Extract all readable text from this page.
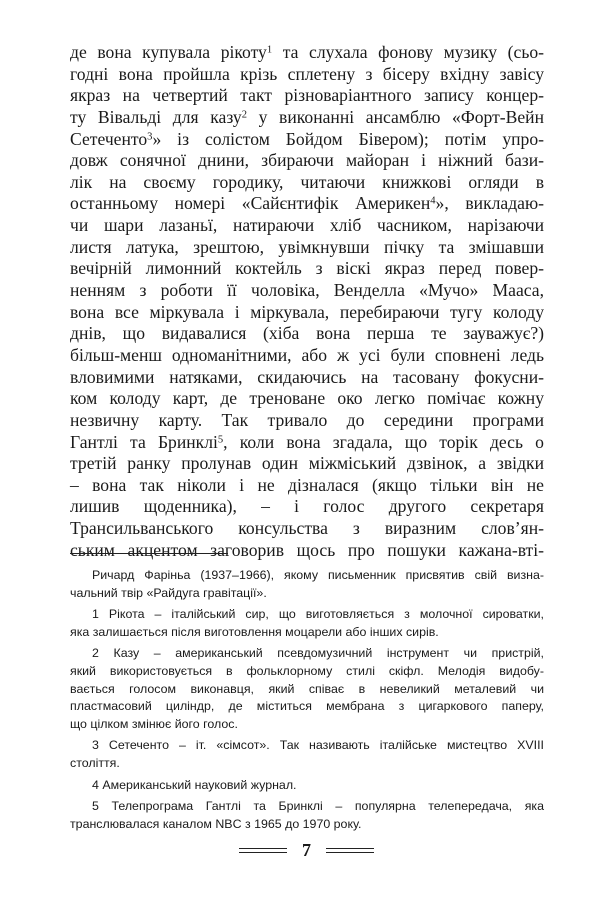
де вона купувала рікоту$^1$ та слухала фонову музику (сьо-
годні вона пройшла крізь сплетену з бісеру вхідну завісу
якраз на четвертий такт різноваріантного запису концер-
ту Вівальді для казу$^2$ у виконанні ансамблю «Форт-Вейн
Сетеченто$^3$» із солістом Бойдом Бівером); потім упро-
довж сонячної днини, збираючи майоран і ніжний бази-
лік на своєму городику, читаючи книжкові огляди в
останньому номері «Сайєнтифік Америкен$^4$», викладаю-
чи шари лазаньї, натираючи хліб часником, нарізаючи
листя латука, зрештою, увімкнувши пічку та змішавши
вечірній лимонний коктейль з віскі якраз перед повер-
ненням з роботи її чоловіка, Венделла «Мучо» Мааса,
вона все міркувала і міркувала, перебираючи тугу колоду
днів, що видавалися (хіба вона перша те зауважує?)
більш-менш одноманітними, або ж усі були сповнені ледь
вловимими натяками, скидаючись на тасовану фокусни-
ком колоду карт, де треноване око легко помічає кожну
незвичну карту. Так тривало до середини програми
Гантлі та Бринклі$^5$, коли вона згадала, що торік десь о
третій ранку пролунав один міжміський дзвінок, а звідки
– вона так ніколи і не дізналася (якщо тільки він не
лишив щоденника), – і голос другого секретаря
Трансильванського консульства з виразним слов’ян-
ським акцентом заговорив щось про пошуки кажана-вті-
Ричард Фаріньа (1937–1966), якому письменник присвятив свій визна-
чальний твір «Райдуга гравітації».
1 Рікота – італійський сир, що виготовляється з молочної сироватки,
яка залишається після виготовлення моцарели або інших сирів.
2 Казу – американський псевдомузичний інструмент чи пристрій,
який використовується в фольклорному стилі скіфл. Мелодія видобу-
вається голосом виконавця, який співає в невеликий металевий чи
пластмасовий циліндр, де міститься мембрана з цигаркового паперу,
що цілком змінює його голос.
3 Сетеченто – іт. «сімсот». Так називають італійське мистецтво XVIII
століття.
4 Американський науковий журнал.
5 Телепрограма Гантлі та Бринклі – популярна телепередача, яка
транслювалася каналом NBC з 1965 до 1970 року.
7
